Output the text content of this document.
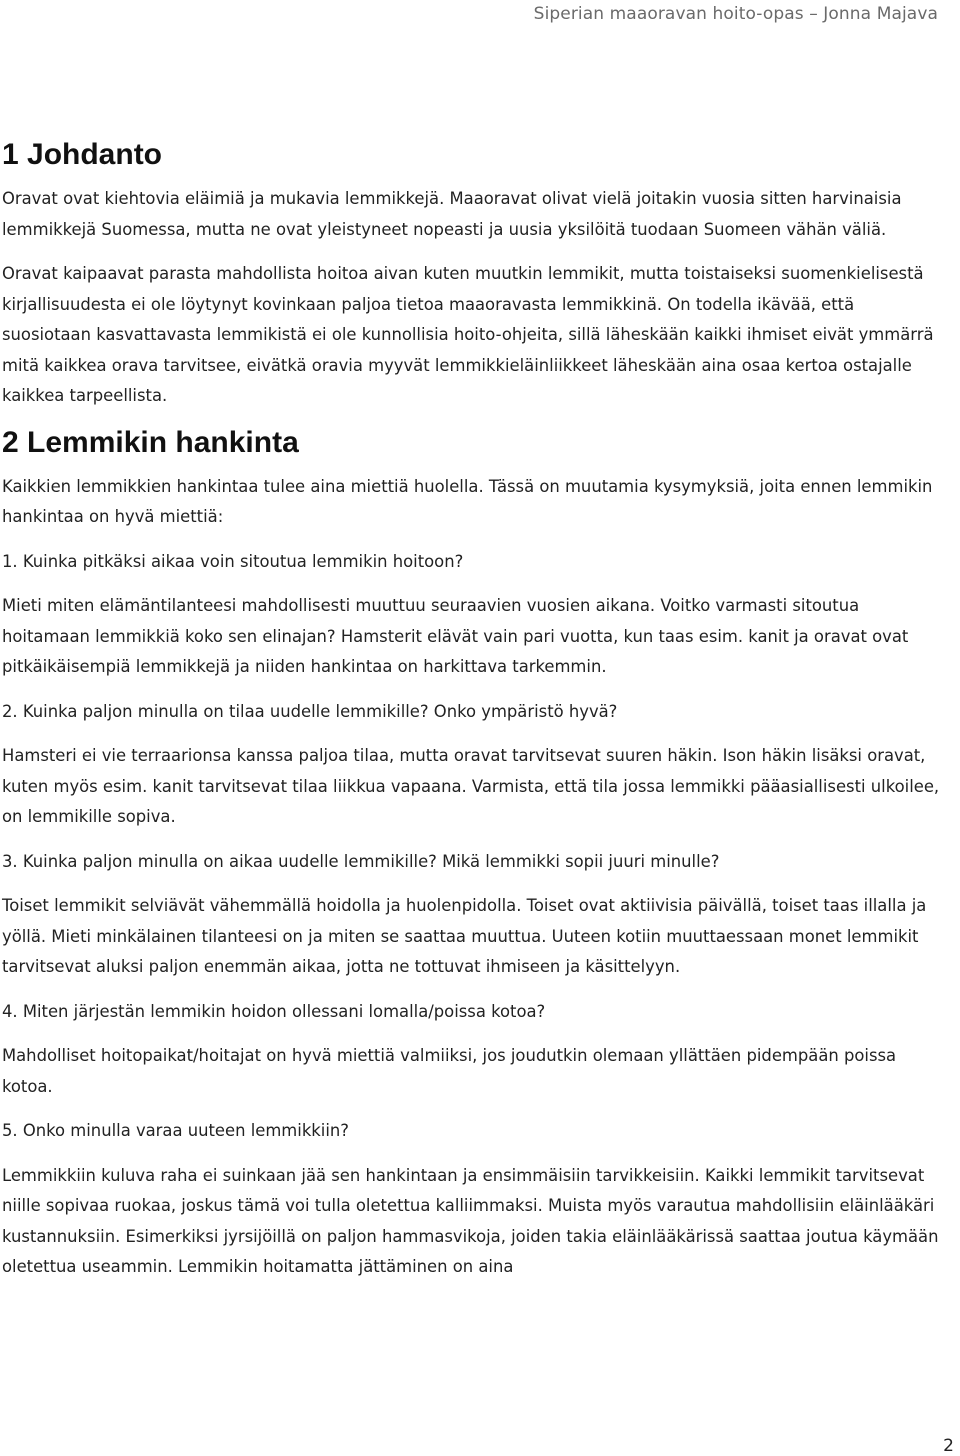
Siperian maaoravan hoito-opas – Jonna Majava
1 Johdanto

Oravat ovat kiehtovia eläimiä ja mukavia lemmikkejä. Maaoravat olivat vielä joitakin vuosia sitten harvinaisia lemmikkejä Suomessa, mutta ne ovat yleistyneet nopeasti ja uusia yksilöitä tuodaan Suomeen vähän väliä.

Oravat kaipaavat parasta mahdollista hoitoa aivan kuten muutkin lemmikit, mutta toistaiseksi suomenkielisestä kirjallisuudesta ei ole löytynyt kovinkaan paljoa tietoa maaoravasta lemmikkinä. On todella ikävää, että suosiotaan kasvattavasta lemmikistä ei ole kunnollisia hoito-ohjeita, sillä läheskään kaikki ihmiset eivät ymmärrä mitä kaikkea orava tarvitsee, eivätkä oravia myyvät lemmikkieläinliikkeet läheskään aina osaa kertoa ostajalle kaikkea tarpeellista.

2 Lemmikin hankinta

Kaikkien lemmikkien hankintaa tulee aina miettiä huolella. Tässä on muutamia kysymyksiä, joita ennen lemmikin hankintaa on hyvä miettiä:

1. Kuinka pitkäksi aikaa voin sitoutua lemmikin hoitoon?

Mieti miten elämäntilanteesi mahdollisesti muuttuu seuraavien vuosien aikana. Voitko varmasti sitoutua hoitamaan lemmikkiä koko sen elinajan? Hamsterit elävät vain pari vuotta, kun taas esim. kanit ja oravat ovat pitkäikäisempiä lemmikkejä ja niiden hankintaa on harkittava tarkemmin.

2. Kuinka paljon minulla on tilaa uudelle lemmikille? Onko ympäristö hyvä?

Hamsteri ei vie terraarionsa kanssa paljoa tilaa, mutta oravat tarvitsevat suuren häkin. Ison häkin lisäksi oravat, kuten myös esim. kanit tarvitsevat tilaa liikkua vapaana. Varmista, että tila jossa lemmikki pääasiallisesti ulkoilee, on lemmikille sopiva.

3. Kuinka paljon minulla on aikaa uudelle lemmikille? Mikä lemmikki sopii juuri minulle?

Toiset lemmikit selviävät vähemmällä hoidolla ja huolenpidolla. Toiset ovat aktiivisia päivällä, toiset taas illalla ja yöllä. Mieti minkälainen tilanteesi on ja miten se saattaa muuttua. Uuteen kotiin muuttaessaan monet lemmikit tarvitsevat aluksi paljon enemmän aikaa, jotta ne tottuvat ihmiseen ja käsittelyyn.

4. Miten järjestän lemmikin hoidon ollessani lomalla/poissa kotoa?

Mahdolliset hoitopaikat/hoitajat on hyvä miettiä valmiiksi, jos joudutkin olemaan yllättäen pidempään poissa kotoa.

5. Onko minulla varaa uuteen lemmikkiin?

Lemmikkiin kuluva raha ei suinkaan jää sen hankintaan ja ensimmäisiin tarvikkeisiin. Kaikki lemmikit tarvitsevat niille sopivaa ruokaa, joskus tämä voi tulla oletettua kalliimmaksi. Muista myös varautua mahdollisiin eläinlääkäri kustannuksiin. Esimerkiksi jyrsijöillä on paljon hammasvikoja, joiden takia eläinlääkärissä saattaa joutua käymään oletettua useammin. Lemmikin hoitamatta jättäminen on aina

2
